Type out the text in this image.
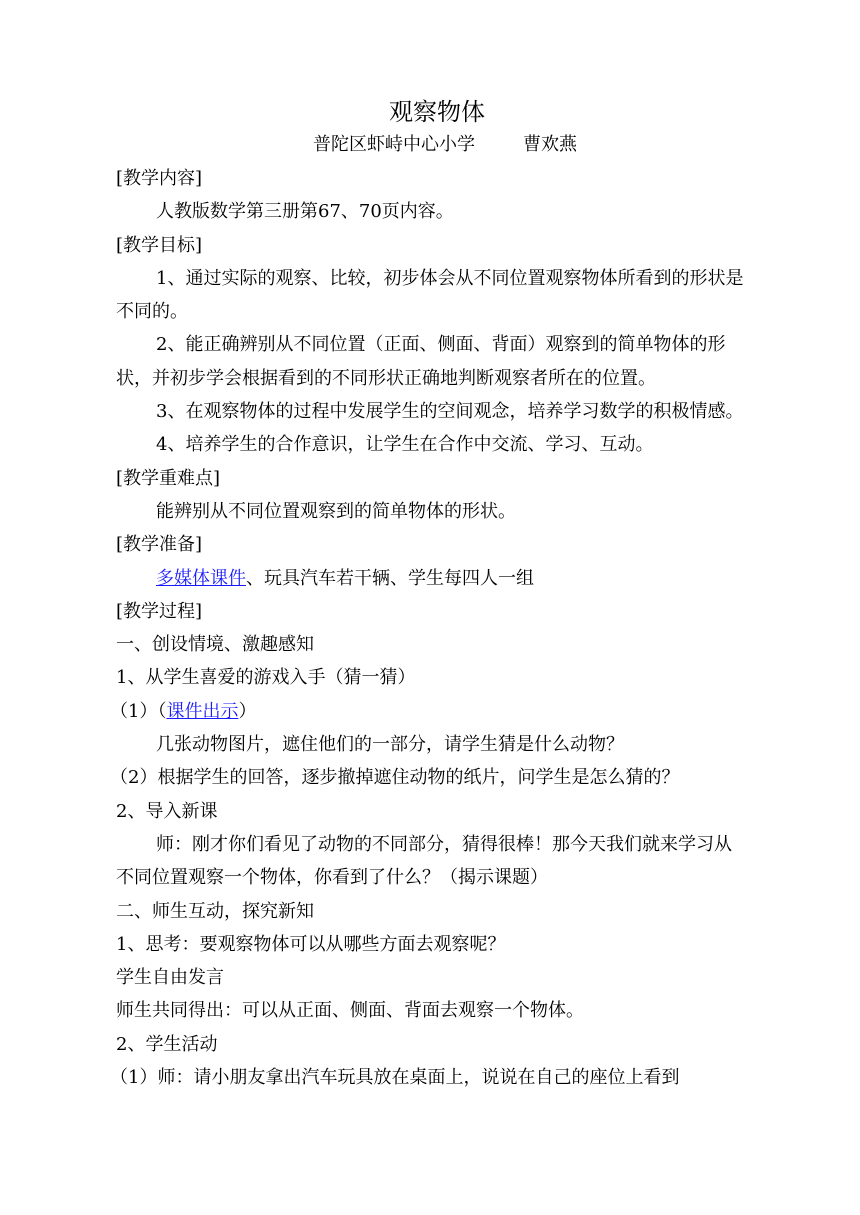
观察物体
普陀区虾峙中心小学	曹欢燕
[教学内容]
人教版数学第三册第67、70页内容。
[教学目标]
1、通过实际的观察、比较，初步体会从不同位置观察物体所看到的形状是不同的。
2、能正确辨别从不同位置（正面、侧面、背面）观察到的简单物体的形状，并初步学会根据看到的不同形状正确地判断观察者所在的位置。
3、在观察物体的过程中发展学生的空间观念，培养学习数学的积极情感。
4、培养学生的合作意识，让学生在合作中交流、学习、互动。
[教学重难点]
能辨别从不同位置观察到的简单物体的形状。
[教学准备]
多媒体课件、玩具汽车若干辆、学生每四人一组
[教学过程]
一、创设情境、激趣感知
1、从学生喜爱的游戏入手（猜一猜）
（1）（课件出示）
几张动物图片，遮住他们的一部分，请学生猜是什么动物？
（2）根据学生的回答，逐步撤掉遮住动物的纸片，问学生是怎么猜的？
2、导入新课
师：刚才你们看见了动物的不同部分，猜得很棒！那今天我们就来学习从不同位置观察一个物体，你看到了什么？（揭示课题）
二、师生互动，探究新知
1、思考：要观察物体可以从哪些方面去观察呢？
学生自由发言
师生共同得出：可以从正面、侧面、背面去观察一个物体。
2、学生活动
（1）师：请小朋友拿出汽车玩具放在桌面上，说说在自己的座位上看到
